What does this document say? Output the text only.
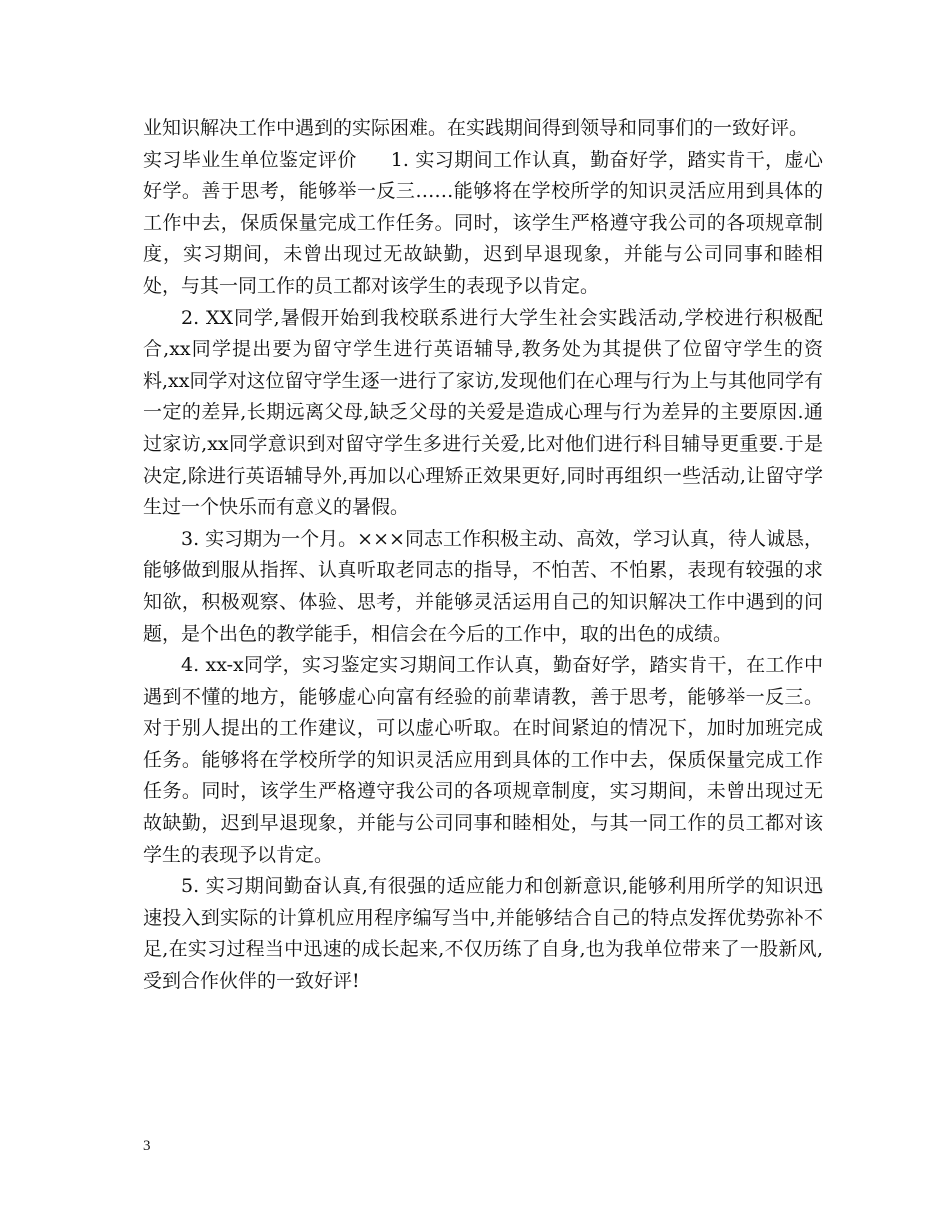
业知识解决工作中遇到的实际困难。在实践期间得到领导和同事们的一致好评。

实习毕业生单位鉴定评价 1. 实习期间工作认真，勤奋好学，踏实肯干，虚心好学。善于思考，能够举一反三……能够将在学校所学的知识灵活应用到具体的工作中去，保质保量完成工作任务。同时，该学生严格遵守我公司的各项规章制度，实习期间，未曾出现过无故缺勤，迟到早退现象，并能与公司同事和睦相处，与其一同工作的员工都对该学生的表现予以肯定。

2. XX同学,暑假开始到我校联系进行大学生社会实践活动,学校进行积极配合,xx同学提出要为留守学生进行英语辅导,教务处为其提供了位留守学生的资料,xx同学对这位留守学生逐一进行了家访,发现他们在心理与行为上与其他同学有一定的差异,长期远离父母,缺乏父母的关爱是造成心理与行为差异的主要原因.通过家访,xx同学意识到对留守学生多进行关爱,比对他们进行科目辅导更重要.于是决定,除进行英语辅导外,再加以心理矫正效果更好,同时再组织一些活动,让留守学生过一个快乐而有意义的暑假。

3. 实习期为一个月。×××同志工作积极主动、高效，学习认真，待人诚恳，能够做到服从指挥、认真听取老同志的指导，不怕苦、不怕累，表现有较强的求知欲，积极观察、体验、思考，并能够灵活运用自己的知识解决工作中遇到的问题，是个出色的教学能手，相信会在今后的工作中，取的出色的成绩。

4. xx-x同学，实习鉴定实习期间工作认真，勤奋好学，踏实肯干，在工作中遇到不懂的地方，能够虚心向富有经验的前辈请教，善于思考，能够举一反三。对于别人提出的工作建议，可以虚心听取。在时间紧迫的情况下，加时加班完成任务。能够将在学校所学的知识灵活应用到具体的工作中去，保质保量完成工作任务。同时，该学生严格遵守我公司的各项规章制度，实习期间，未曾出现过无故缺勤，迟到早退现象，并能与公司同事和睦相处，与其一同工作的员工都对该学生的表现予以肯定。

5. 实习期间勤奋认真,有很强的适应能力和创新意识,能够利用所学的知识迅速投入到实际的计算机应用程序编写当中,并能够结合自己的特点发挥优势弥补不足,在实习过程当中迅速的成长起来,不仅历练了自身,也为我单位带来了一股新风,受到合作伙伴的一致好评!

3
